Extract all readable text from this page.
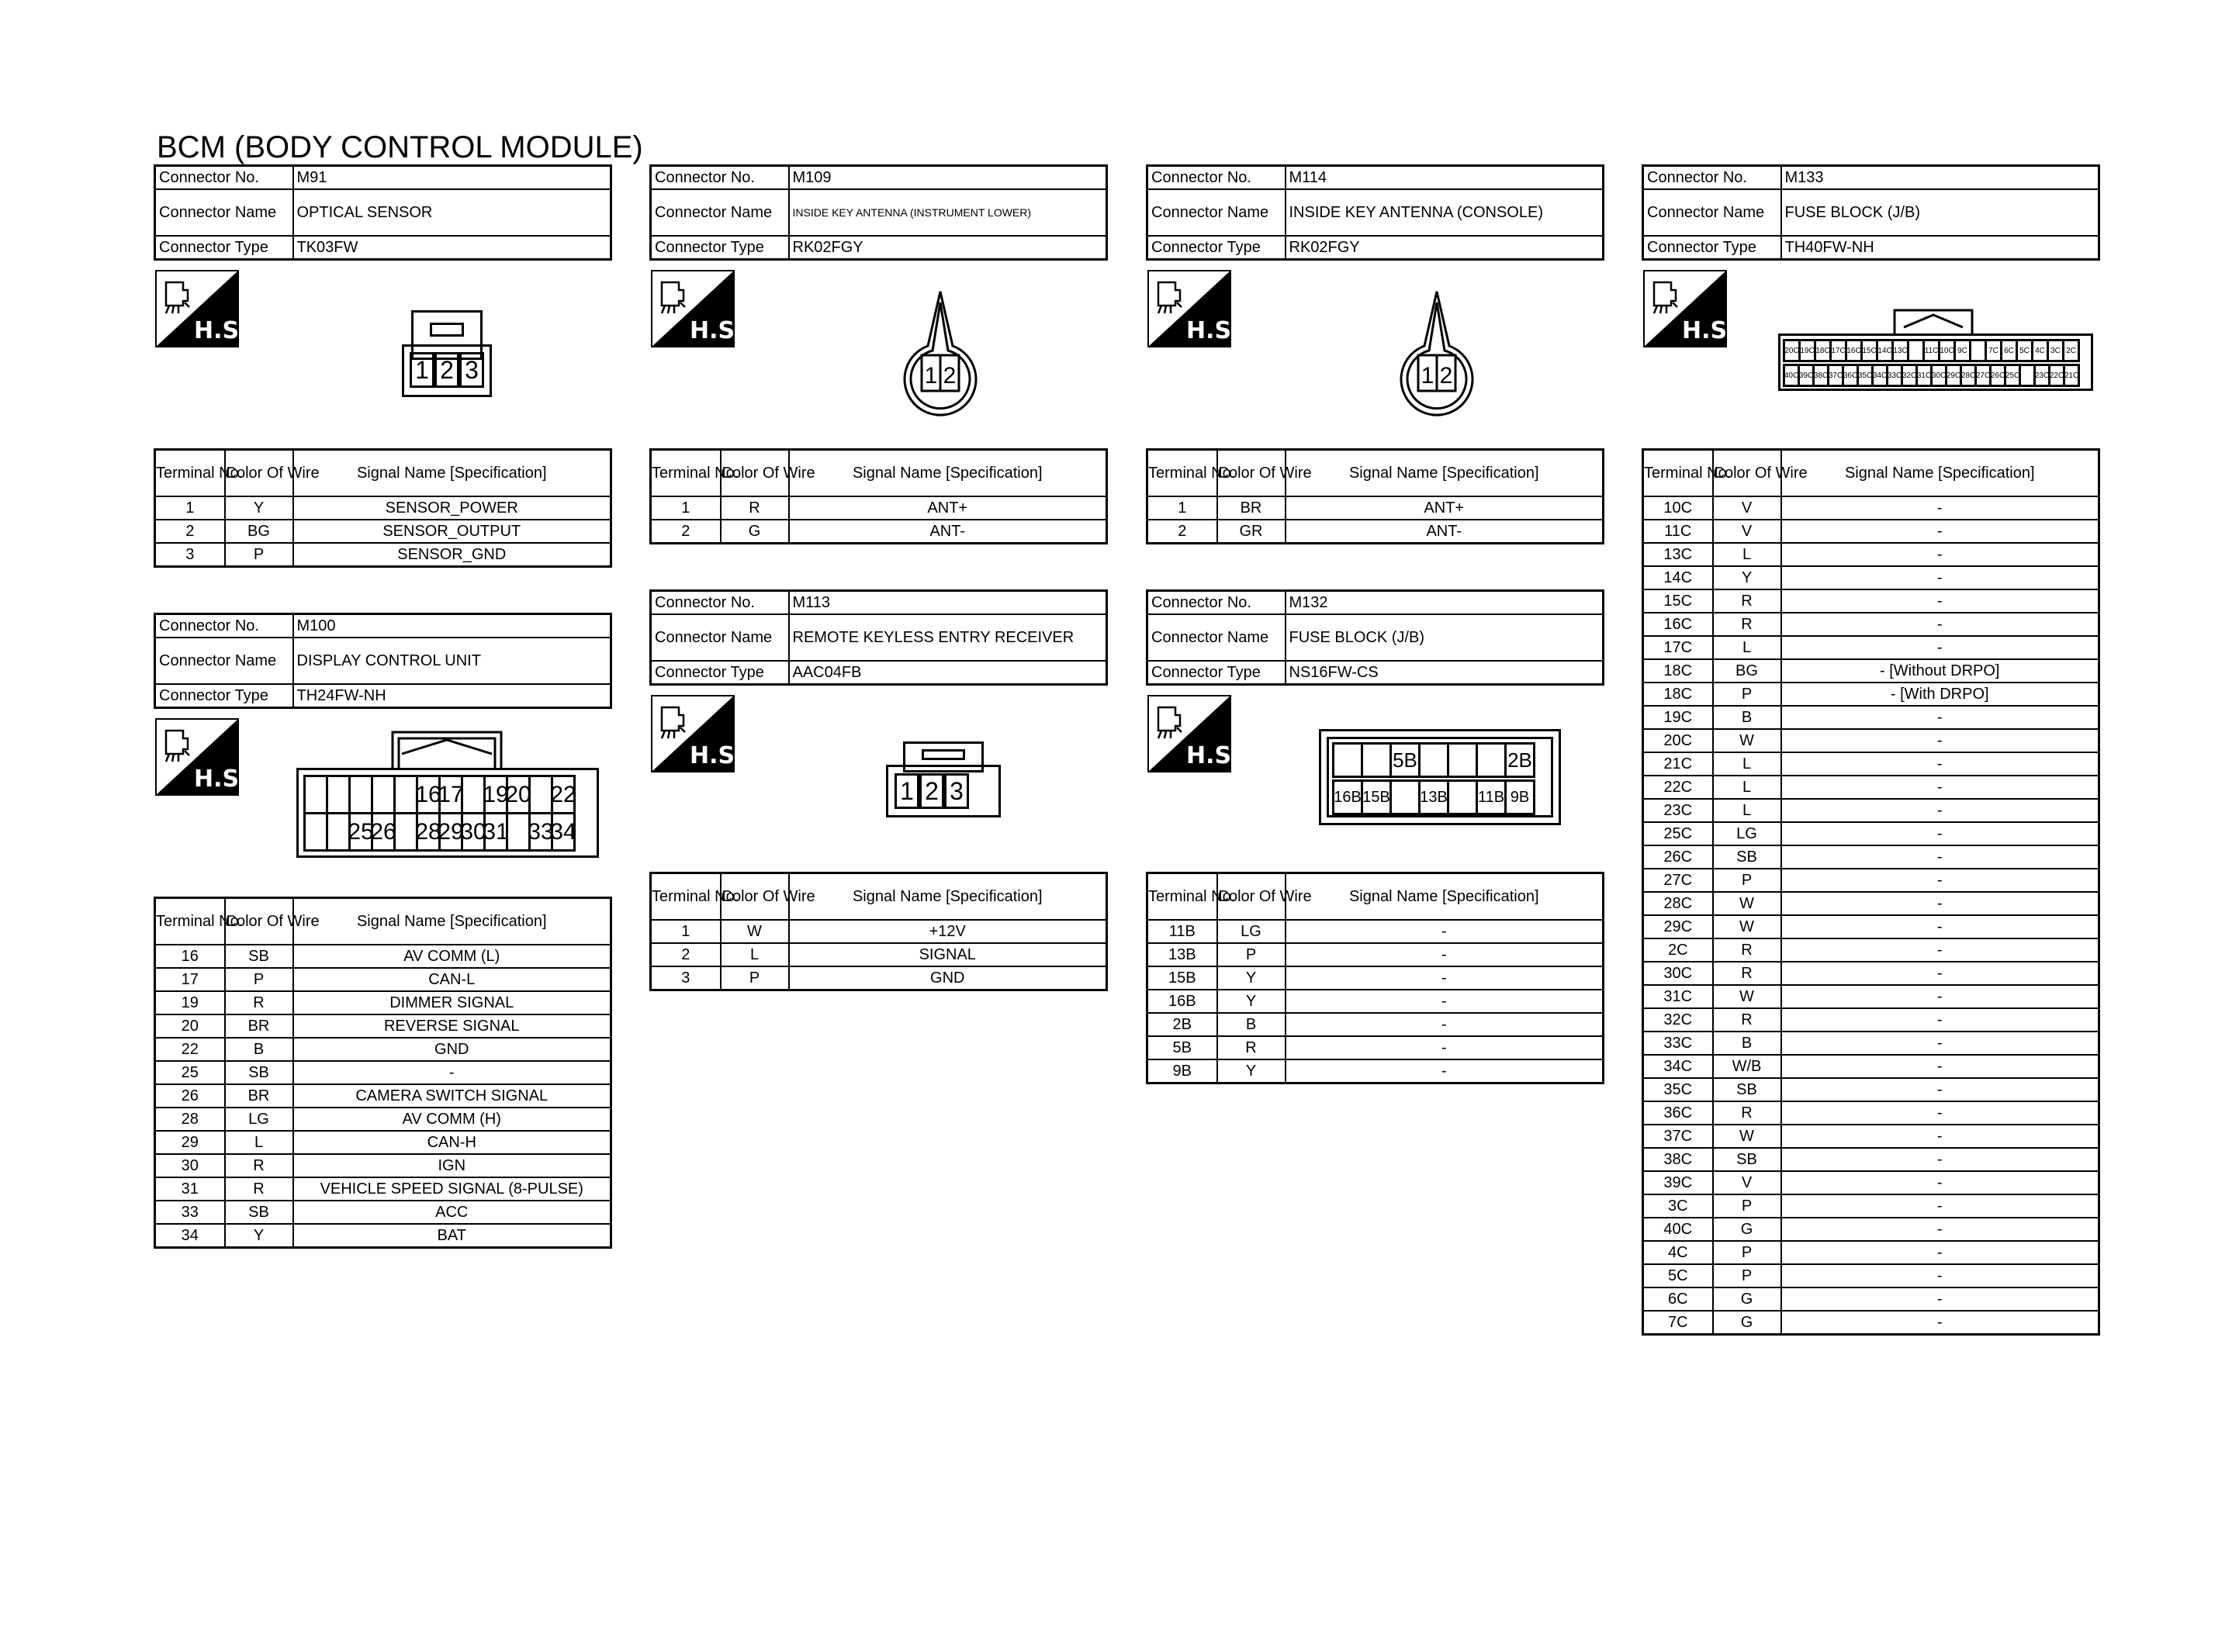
BCM (BODY CONTROL MODULE)
Connector No.	M91
Connector Name	OPTICAL SENSOR
Connector Type	TK03FW
H.S.
1 2 3
Terminal No.	Color Of Wire	Signal Name [Specification]
1	Y	SENSOR_POWER
2	BG	SENSOR_OUTPUT
3	P	SENSOR_GND
Connector No.	M100
Connector Name	DISPLAY CONTROL UNIT
Connector Type	TH24FW-NH
H.S.
16
17 19
20 22
25
26 28
29
30
31 33
34
Terminal No.	Color Of Wire	Signal Name [Specification]
16	SB	AV COMM (L)
17	P	CAN-L
19	R	DIMMER SIGNAL
20	BR	REVERSE SIGNAL
22	B	GND
25	SB	-
26	BR	CAMERA SWITCH SIGNAL
28	LG	AV COMM (H)
29	L	CAN-H
30	R	IGN
31	R	VEHICLE SPEED SIGNAL (8-PULSE)
33	SB	ACC
34	Y	BAT
Connector No.	M109
Connector Name	INSIDE KEY ANTENNA (INSTRUMENT LOWER)
Connector Type	RK02FGY
H.S.
1 2
Terminal No.	Color Of Wire	Signal Name [Specification]
1	R	ANT+
2	G	ANT-
Connector No.	M113
Connector Name	REMOTE KEYLESS ENTRY RECEIVER
Connector Type	AAC04FB
H.S.
1 2 3
Terminal No.	Color Of Wire	Signal Name [Specification]
1	W	+12V
2	L	SIGNAL
3	P	GND
Connector No.	M114
Connector Name	INSIDE KEY ANTENNA (CONSOLE)
Connector Type	RK02FGY
H.S.
1 2
Terminal No.	Color Of Wire	Signal Name [Specification]
1	BR	ANT+
2	GR	ANT-
Connector No.	M132
Connector Name	FUSE BLOCK (J/B)
Connector Type	NS16FW-CS
H.S.	5B	2B
16B 15B 13B 11B 9B
Terminal No.	Color Of Wire	Signal Name [Specification]
11B	LG	-
13B	P	-
15B	Y	-
16B	Y	-
2B	B	-
5B	R	-
9B	Y	-
Connector No.	M133
Connector Name	FUSE BLOCK (J/B)
Connector Type	TH40FW-NH
H.S.
20C 19C 18C 17C 16C 15C 14C 13C 11C 10C 9C	7C 6C 5C 4C 3C 2C
40C 39C 38C 37C 36C 35C 34C 33C 32C 31C 30C 29C 28C 27C 26C 25C 23C 22C 21C
Terminal No.	Color Of Wire	Signal Name [Specification]
10C	V	-
11C	V	-
13C	L	-
14C	Y	-
15C	R	-
16C	R	-
17C	L	-
18C	BG	- [Without DRPO]
18C	P	- [With DRPO]
19C	B	-
20C	W	-
21C	L	-
22C	L	-
23C	L	-
25C	LG	-
26C	SB	-
27C	P	-
28C	W	-
29C	W	-
2C	R	-
30C	R	-
31C	W	-
32C	R	-
33C	B	-
34C	W/B	-
35C	SB	-
36C	R	-
37C	W	-
38C	SB	-
39C	V	-
3C	P	-
40C	G	-
4C	P	-
5C	P	-
6C	G	-
7C	G	-
